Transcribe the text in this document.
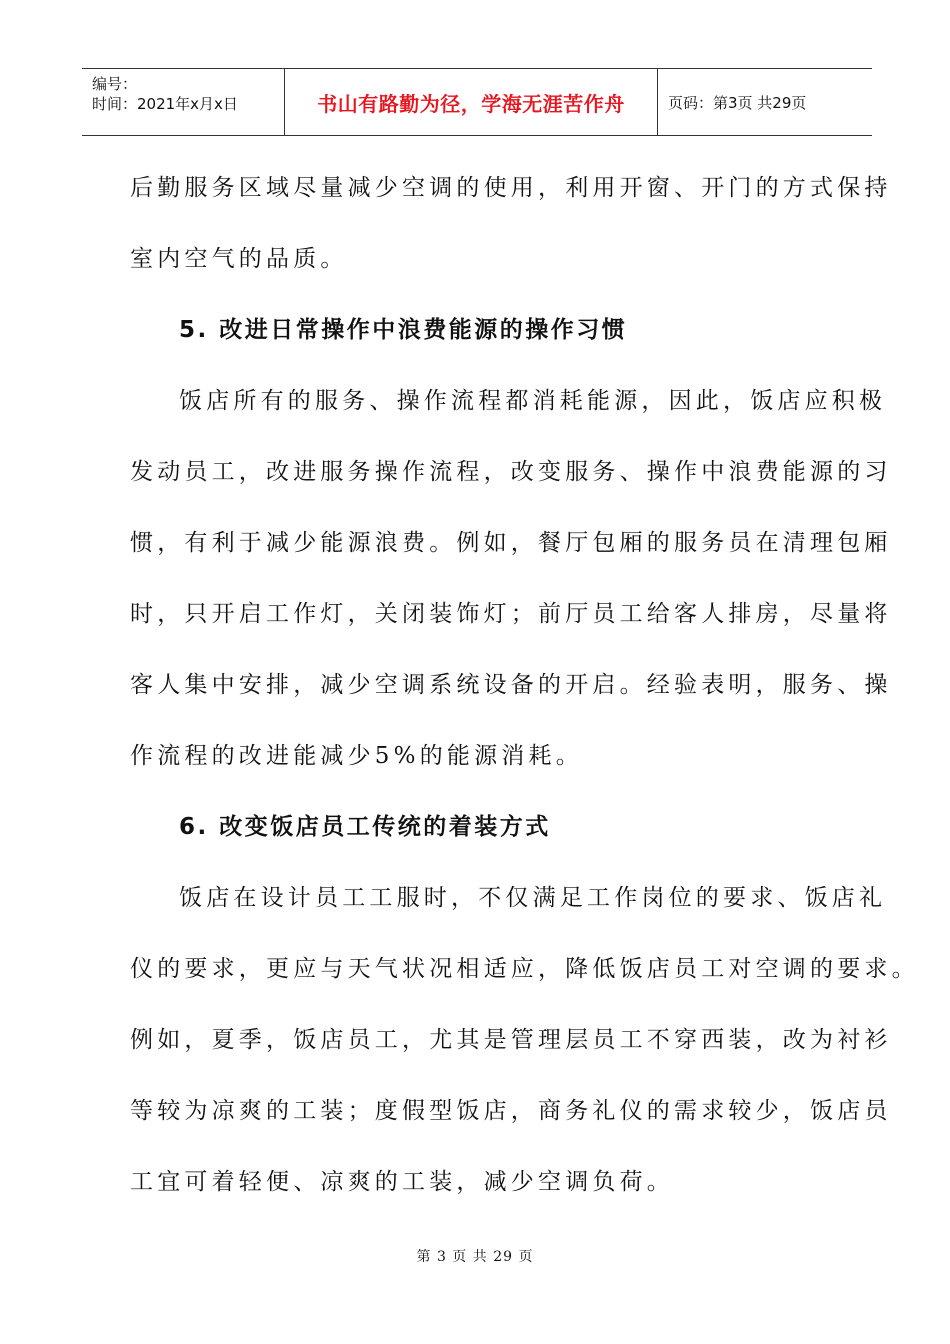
编号：
时间：2021年x月x日	书山有路勤为径，学海无涯苦作舟	页码：第3页 共29页
后勤服务区域尽量减少空调的使用，利用开窗、开门的方式保持
室内空气的品质。
5. 改进日常操作中浪费能源的操作习惯
饭店所有的服务、操作流程都消耗能源，因此，饭店应积极
发动员工，改进服务操作流程，改变服务、操作中浪费能源的习
惯，有利于减少能源浪费。例如，餐厅包厢的服务员在清理包厢
时，只开启工作灯，关闭装饰灯；前厅员工给客人排房，尽量将
客人集中安排，减少空调系统设备的开启。经验表明，服务、操
作流程的改进能减少5%的能源消耗。
6. 改变饭店员工传统的着装方式
饭店在设计员工工服时，不仅满足工作岗位的要求、饭店礼
仪的要求，更应与天气状况相适应，降低饭店员工对空调的要求。
例如，夏季，饭店员工，尤其是管理层员工不穿西装，改为衬衫
等较为凉爽的工装；度假型饭店，商务礼仪的需求较少，饭店员
工宜可着轻便、凉爽的工装，减少空调负荷。
第 3 页 共 29 页
